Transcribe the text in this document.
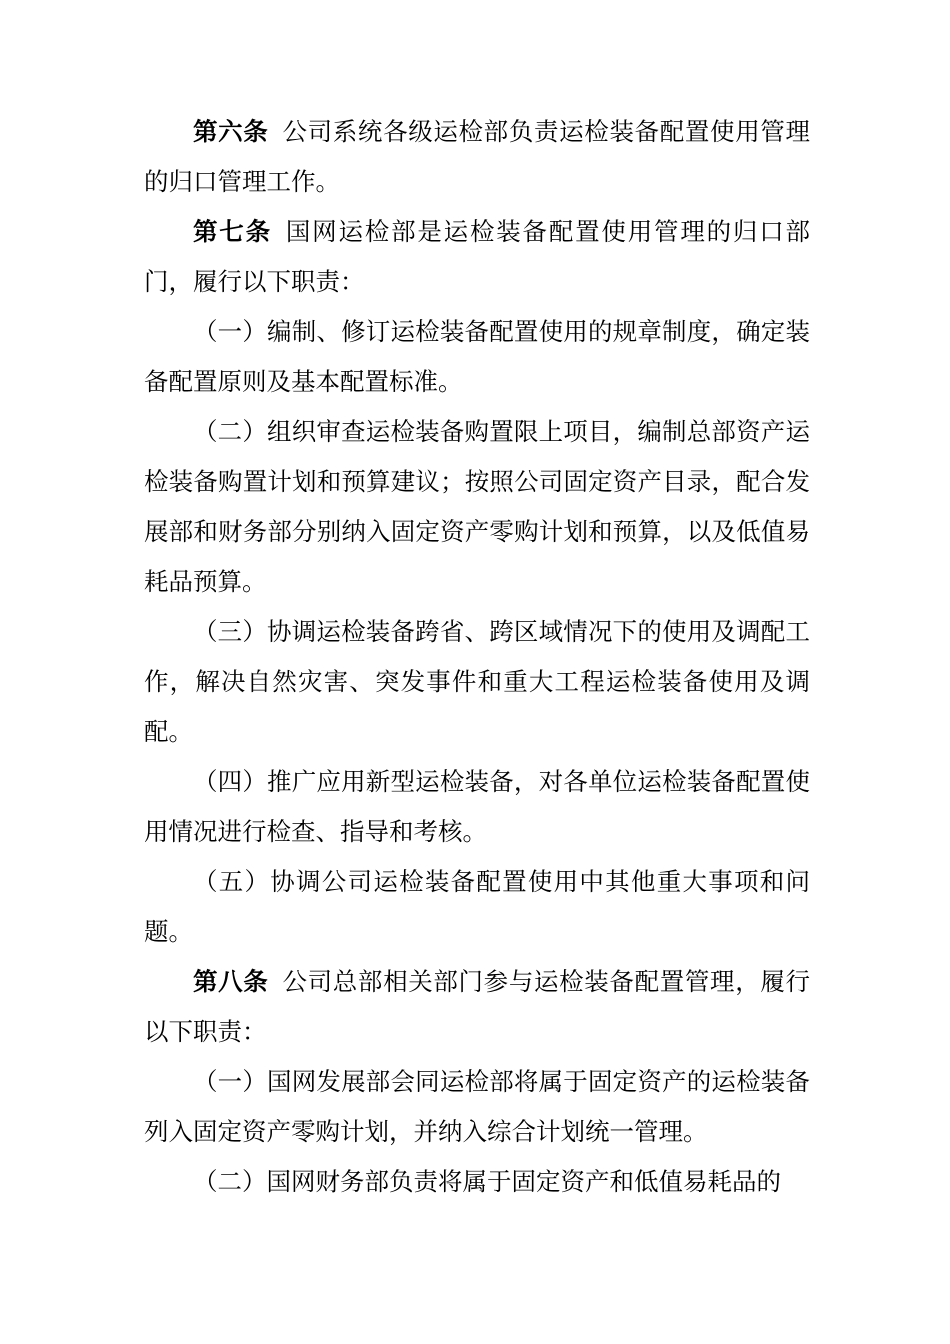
第六条 公司系统各级运检部负责运检装备配置使用管理的归口管理工作。

第七条 国网运检部是运检装备配置使用管理的归口部门，履行以下职责：

（一）编制、修订运检装备配置使用的规章制度，确定装备配置原则及基本配置标准。

（二）组织审查运检装备购置限上项目，编制总部资产运检装备购置计划和预算建议；按照公司固定资产目录，配合发展部和财务部分别纳入固定资产零购计划和预算，以及低值易耗品预算。

（三）协调运检装备跨省、跨区域情况下的使用及调配工作，解决自然灾害、突发事件和重大工程运检装备使用及调配。

（四）推广应用新型运检装备，对各单位运检装备配置使用情况进行检查、指导和考核。

（五）协调公司运检装备配置使用中其他重大事项和问题。

第八条 公司总部相关部门参与运检装备配置管理，履行以下职责：

（一）国网发展部会同运检部将属于固定资产的运检装备列入固定资产零购计划，并纳入综合计划统一管理。

（二）国网财务部负责将属于固定资产和低值易耗品的
